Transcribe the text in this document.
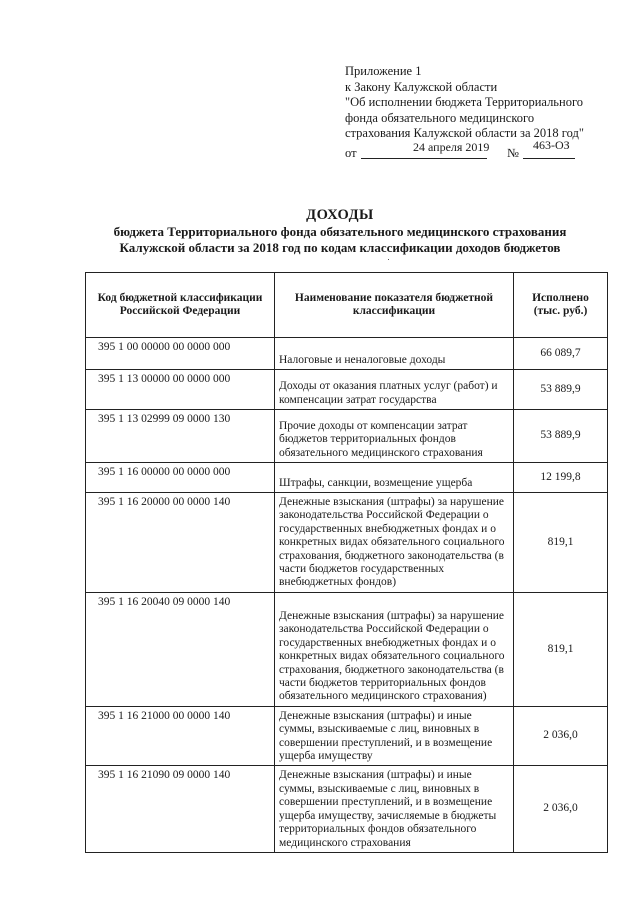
Приложение 1
к Закону Калужской области
"Об исполнении бюджета Территориального
фонда обязательного медицинского
страхования Калужской области за 2018 год"
от	24 апреля 2019 №
463-ОЗ
ДОХОДЫ
бюджета Территориального фонда обязательного медицинского страхования
Калужской области за 2018 год по кодам классификации доходов бюджетов
Код бюджетной классификации Российской Федерации	Наименование показателя бюджетной классификации	Исполнено (тыс. руб.)
395 1 00 00000 00 0000 000	Налоговые и неналоговые доходы	66 089,7
395 1 13 00000 00 0000 000	Доходы от оказания платных услуг (работ) и компенсации затрат государства	53 889,9
395 1 13 02999 09 0000 130	Прочие доходы от компенсации затрат бюджетов территориальных фондов обязательного медицинского страхования	53 889,9
395 1 16 00000 00 0000 000	Штрафы, санкции, возмещение ущерба	12 199,8
395 1 16 20000 00 0000 140	Денежные взыскания (штрафы) за нарушение законодательства Российской Федерации о государственных внебюджетных фондах и о конкретных видах обязательного социального страхования, бюджетного законодательства (в части бюджетов государственных внебюджетных фондов)	819,1
395 1 16 20040 09 0000 140	Денежные взыскания (штрафы) за нарушение законодательства Российской Федерации о государственных внебюджетных фондах и о конкретных видах обязательного социального страхования, бюджетного законодательства (в части бюджетов территориальных фондов обязательного медицинского страхования)	819,1
395 1 16 21000 00 0000 140	Денежные взыскания (штрафы) и иные суммы, взыскиваемые с лиц, виновных в совершении преступлений, и в возмещение ущерба имуществу	2 036,0
395 1 16 21090 09 0000 140	Денежные взыскания (штрафы) и иные суммы, взыскиваемые с лиц, виновных в совершении преступлений, и в возмещение ущерба имуществу, зачисляемые в бюджеты территориальных фондов обязательного медицинского страхования	2 036,0
